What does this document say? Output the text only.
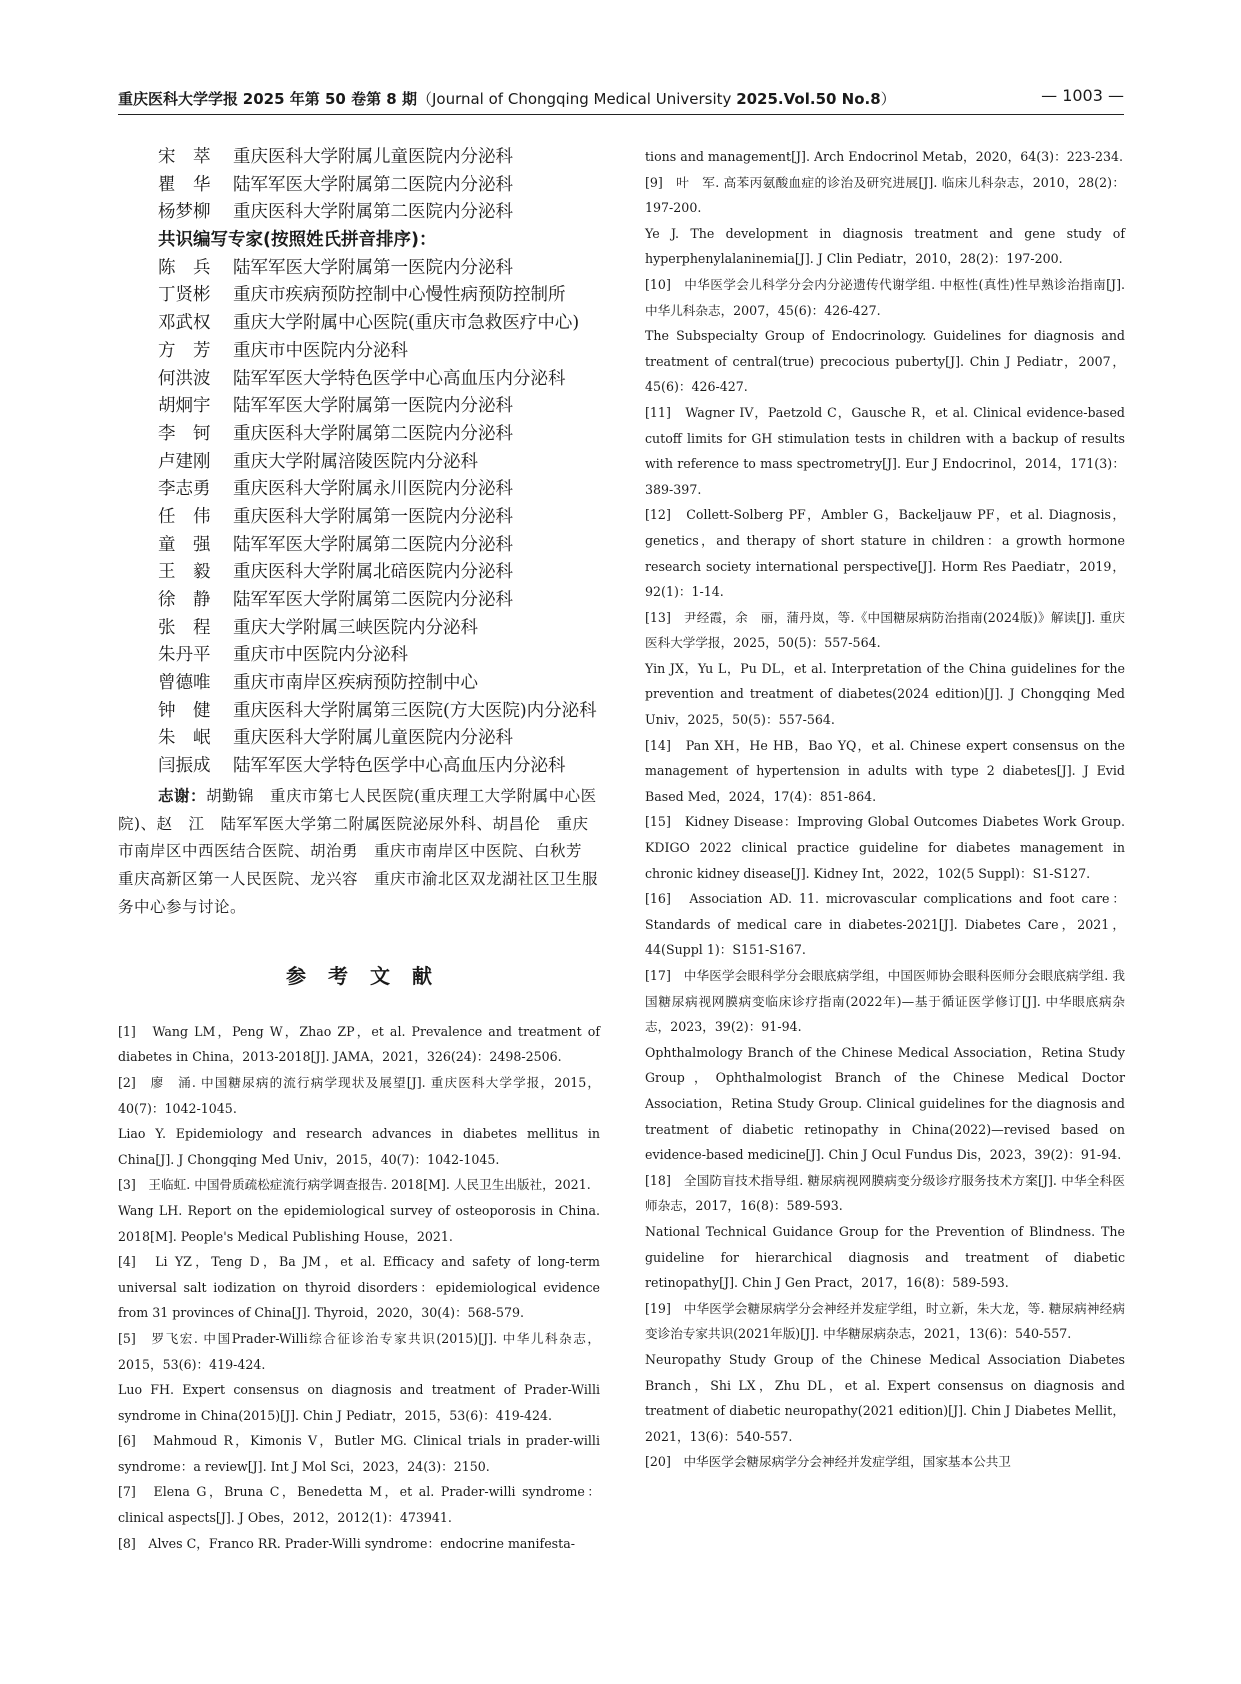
重庆医科大学学报 2025 年第 50 卷第 8 期（Journal of Chongqing Medical University 2025.Vol.50 No.8）	— 1003 —
宋　萃 重庆医科大学附属儿童医院内分泌科
瞿　华 陆军军医大学附属第二医院内分泌科
杨梦柳 重庆医科大学附属第二医院内分泌科
共识编写专家(按照姓氏拼音排序)：
陈　兵 陆军军医大学附属第一医院内分泌科
丁贤彬 重庆市疾病预防控制中心慢性病预防控制所
邓武权 重庆大学附属中心医院(重庆市急救医疗中心)
方　芳 重庆市中医院内分泌科
何洪波 陆军军医大学特色医学中心高血压内分泌科
胡炯宇 陆军军医大学附属第一医院内分泌科
李　钶 重庆医科大学附属第二医院内分泌科
卢建刚 重庆大学附属涪陵医院内分泌科
李志勇 重庆医科大学附属永川医院内分泌科
任　伟 重庆医科大学附属第一医院内分泌科
童　强 陆军军医大学附属第二医院内分泌科
王　毅 重庆医科大学附属北碚医院内分泌科
徐　静 陆军军医大学附属第二医院内分泌科
张　程 重庆大学附属三峡医院内分泌科
朱丹平 重庆市中医院内分泌科
曾德唯 重庆市南岸区疾病预防控制中心
钟　健 重庆医科大学附属第三医院(方大医院)内分泌科
朱　岷 重庆医科大学附属儿童医院内分泌科
闫振成 陆军军医大学特色医学中心高血压内分泌科
志谢：胡勤锦　重庆市第七人民医院(重庆理工大学附属中心医院)、赵　江　陆军军医大学第二附属医院泌尿外科、胡昌伦　重庆市南岸区中西医结合医院、胡治勇　重庆市南岸区中医院、白秋芳　重庆高新区第一人民医院、龙兴容　重庆市渝北区双龙湖社区卫生服务中心参与讨论。
参考文献

[1]　Wang LM，Peng W，Zhao ZP，et al. Prevalence and treatment of diabetes in China，2013-2018[J]. JAMA，2021，326(24)：2498-2506.

[2]　廖　涌. 中国糖尿病的流行病学现状及展望[J]. 重庆医科大学学报，2015，40(7)：1042-1045.

Liao Y. Epidemiology and research advances in diabetes mellitus in China[J]. J Chongqing Med Univ，2015，40(7)：1042-1045.

[3]　王临虹. 中国骨质疏松症流行病学调查报告. 2018[M]. 人民卫生出版社，2021.

Wang LH. Report on the epidemiological survey of osteoporosis in China. 2018[M]. People's Medical Publishing House，2021.

[4]　Li YZ，Teng D，Ba JM，et al. Efficacy and safety of long-term universal salt iodization on thyroid disorders：epidemiological evidence from 31 provinces of China[J]. Thyroid，2020，30(4)：568-579.

[5]　罗飞宏. 中国Prader-Willi综合征诊治专家共识(2015)[J]. 中华儿科杂志，2015，53(6)：419-424.

Luo FH. Expert consensus on diagnosis and treatment of Prader-Willi syndrome in China(2015)[J]. Chin J Pediatr，2015，53(6)：419-424.

[6]　Mahmoud R，Kimonis V，Butler MG. Clinical trials in prader-willi syndrome：a review[J]. Int J Mol Sci，2023，24(3)：2150.

[7]　Elena G，Bruna C，Benedetta M，et al. Prader-willi syndrome：clinical aspects[J]. J Obes，2012，2012(1)：473941.

[8]　Alves C，Franco RR. Prader-Willi syndrome：endocrine manifesta-

tions and management[J]. Arch Endocrinol Metab，2020，64(3)：223-234.

[9]　叶　军. 高苯丙氨酸血症的诊治及研究进展[J]. 临床儿科杂志，2010，28(2)：197-200.

Ye J. The development in diagnosis treatment and gene study of hyperphenylalaninemia[J]. J Clin Pediatr，2010，28(2)：197-200.

[10]　中华医学会儿科学分会内分泌遗传代谢学组. 中枢性(真性)性早熟诊治指南[J]. 中华儿科杂志，2007，45(6)：426-427.

The Subspecialty Group of Endocrinology. Guidelines for diagnosis and treatment of central(true) precocious puberty[J]. Chin J Pediatr，2007，45(6)：426-427.

[11]　Wagner IV，Paetzold C，Gausche R，et al. Clinical evidence-based cutoff limits for GH stimulation tests in children with a backup of results with reference to mass spectrometry[J]. Eur J Endocrinol，2014，171(3)：389-397.

[12]　Collett-Solberg PF，Ambler G，Backeljauw PF，et al. Diagnosis，genetics，and therapy of short stature in children：a growth hormone research society international perspective[J]. Horm Res Paediatr，2019，92(1)：1-14.

[13]　尹经霞，余　丽，蒲丹岚，等.《中国糖尿病防治指南(2024版)》解读[J]. 重庆医科大学学报，2025，50(5)：557-564.

Yin JX，Yu L，Pu DL，et al. Interpretation of the China guidelines for the prevention and treatment of diabetes(2024 edition)[J]. J Chongqing Med Univ，2025，50(5)：557-564.

[14]　Pan XH，He HB，Bao YQ，et al. Chinese expert consensus on the management of hypertension in adults with type 2 diabetes[J]. J Evid Based Med，2024，17(4)：851-864.

[15]　Kidney Disease：Improving Global Outcomes Diabetes Work Group. KDIGO 2022 clinical practice guideline for diabetes management in chronic kidney disease[J]. Kidney Int，2022，102(5 Suppl)：S1-S127.

[16]　Association AD. 11. microvascular complications and foot care：Standards of medical care in diabetes-2021[J]. Diabetes Care，2021，44(Suppl 1)：S151-S167.

[17]　中华医学会眼科学分会眼底病学组，中国医师协会眼科医师分会眼底病学组. 我国糖尿病视网膜病变临床诊疗指南(2022年)—基于循证医学修订[J]. 中华眼底病杂志，2023，39(2)：91-94.

Ophthalmology Branch of the Chinese Medical Association，Retina Study Group，Ophthalmologist Branch of the Chinese Medical Doctor Association，Retina Study Group. Clinical guidelines for the diagnosis and treatment of diabetic retinopathy in China(2022)—revised based on evidence-based medicine[J]. Chin J Ocul Fundus Dis，2023，39(2)：91-94.

[18]　全国防盲技术指导组. 糖尿病视网膜病变分级诊疗服务技术方案[J]. 中华全科医师杂志，2017，16(8)：589-593.

National Technical Guidance Group for the Prevention of Blindness. The guideline for hierarchical diagnosis and treatment of diabetic retinopathy[J]. Chin J Gen Pract，2017，16(8)：589-593.

[19]　中华医学会糖尿病学分会神经并发症学组，时立新，朱大龙，等. 糖尿病神经病变诊治专家共识(2021年版)[J]. 中华糖尿病杂志，2021，13(6)：540-557.

Neuropathy Study Group of the Chinese Medical Association Diabetes Branch，Shi LX，Zhu DL，et al. Expert consensus on diagnosis and treatment of diabetic neuropathy(2021 edition)[J]. Chin J Diabetes Mellit，2021，13(6)：540-557.

[20]　中华医学会糖尿病学分会神经并发症学组，国家基本公共卫
